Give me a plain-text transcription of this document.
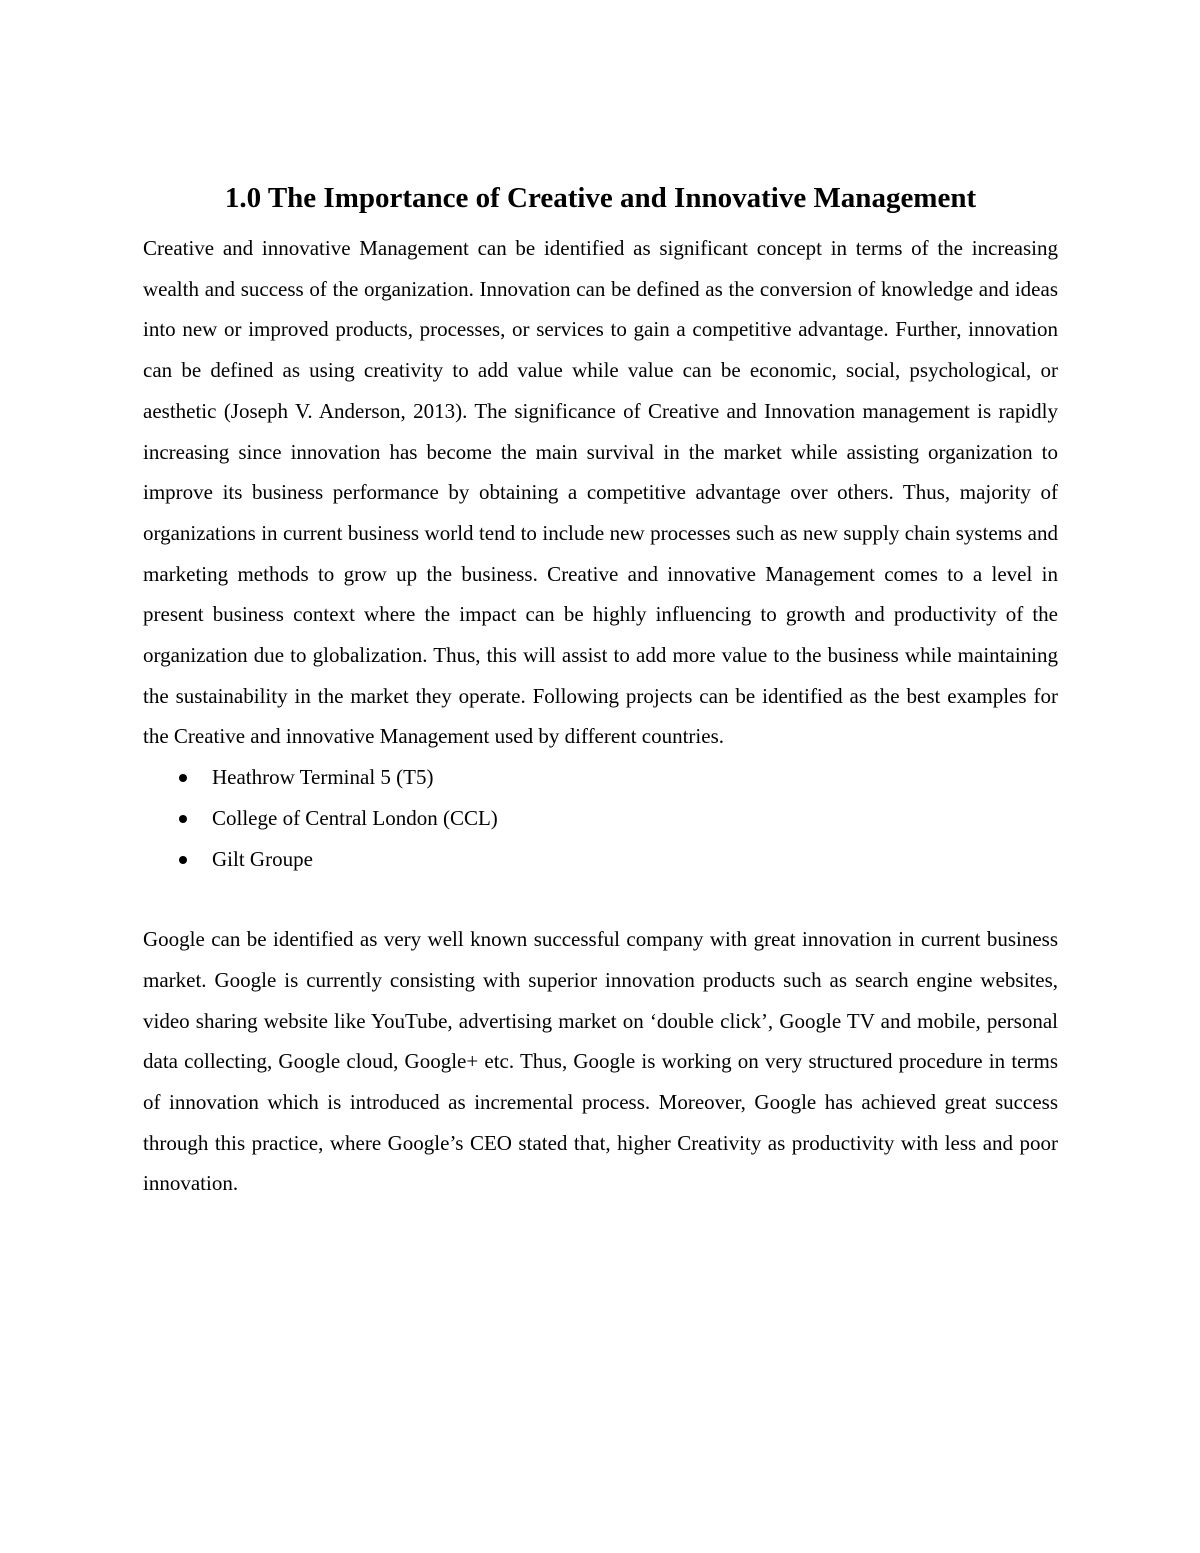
1.0 The Importance of Creative and Innovative Management

Creative and innovative Management can be identified as significant concept in terms of the increasing wealth and success of the organization. Innovation can be defined as the conversion of knowledge and ideas into new or improved products, processes, or services to gain a competitive advantage. Further, innovation can be defined as using creativity to add value while value can be economic, social, psychological, or aesthetic (Joseph V. Anderson, 2013). The significance of Creative and Innovation management is rapidly increasing since innovation has become the main survival in the market while assisting organization to improve its business performance by obtaining a competitive advantage over others. Thus, majority of organizations in current business world tend to include new processes such as new supply chain systems and marketing methods to grow up the business. Creative and innovative Management comes to a level in present business context where the impact can be highly influencing to growth and productivity of the organization due to globalization. Thus, this will assist to add more value to the business while maintaining the sustainability in the market they operate. Following projects can be identified as the best examples for the Creative and innovative Management used by different countries.

Heathrow Terminal 5 (T5)
College of Central London (CCL)
Gilt Groupe

Google can be identified as very well known successful company with great innovation in current business market. Google is currently consisting with superior innovation products such as search engine websites, video sharing website like YouTube, advertising market on ‘double click’, Google TV and mobile, personal data collecting, Google cloud, Google+ etc. Thus, Google is working on very structured procedure in terms of innovation which is introduced as incremental process. Moreover, Google has achieved great success through this practice, where Google’s CEO stated that, higher Creativity as productivity with less and poor innovation.
